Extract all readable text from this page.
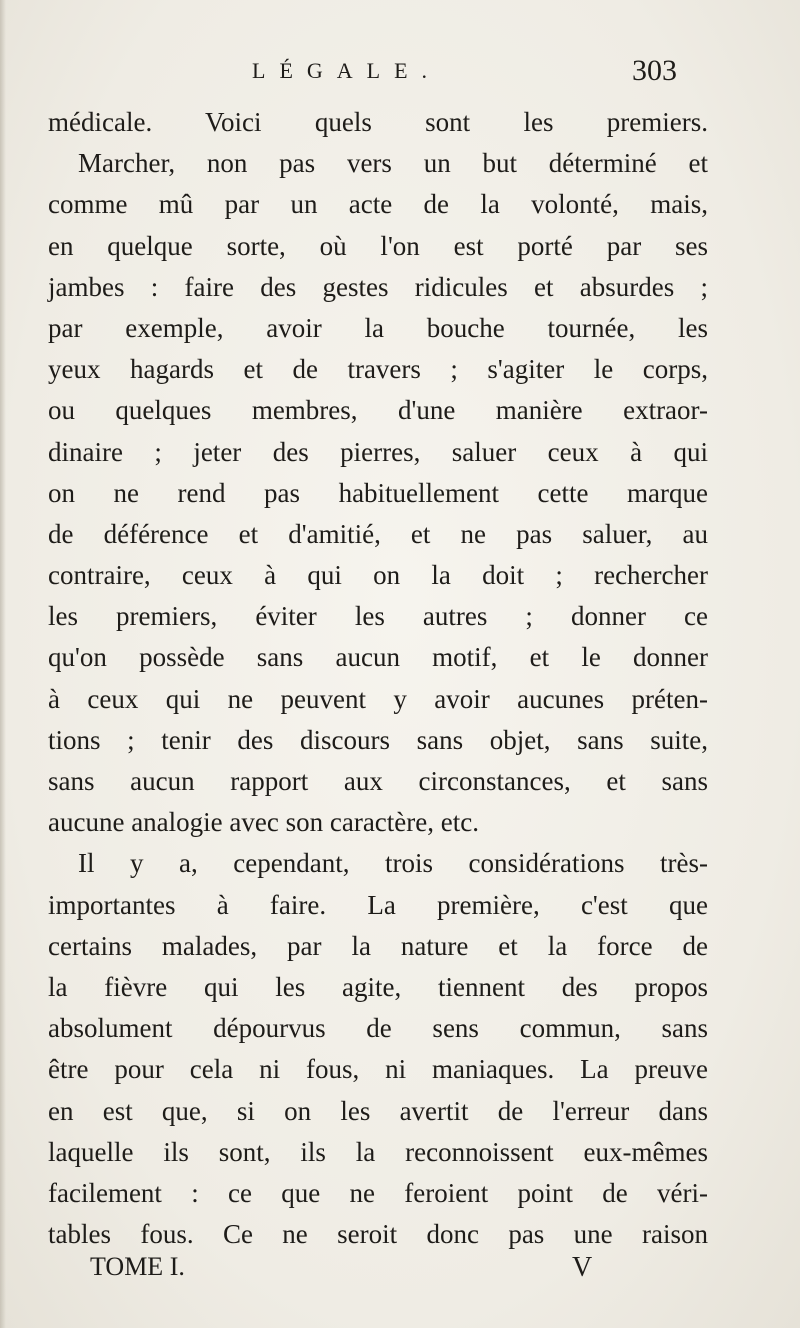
LÉGALE.	303
médicale. Voici quels sont les premiers.
Marcher, non pas vers un but déterminé et
comme mû par un acte de la volonté, mais,
en quelque sorte, où l'on est porté par ses
jambes : faire des gestes ridicules et absurdes ;
par exemple, avoir la bouche tournée, les
yeux hagards et de travers ; s'agiter le corps,
ou quelques membres, d'une manière extraor-
dinaire ; jeter des pierres, saluer ceux à qui
on ne rend pas habituellement cette marque
de déférence et d'amitié, et ne pas saluer, au
contraire, ceux à qui on la doit ; rechercher
les premiers, éviter les autres ; donner ce
qu'on possède sans aucun motif, et le donner
à ceux qui ne peuvent y avoir aucunes préten-
tions ; tenir des discours sans objet, sans suite,
sans aucun rapport aux circonstances, et sans
aucune analogie avec son caractère, etc.
Il y a, cependant, trois considérations très-
importantes à faire. La première, c'est que
certains malades, par la nature et la force de
la fièvre qui les agite, tiennent des propos
absolument dépourvus de sens commun, sans
être pour cela ni fous, ni maniaques. La preuve
en est que, si on les avertit de l'erreur dans
laquelle ils sont, ils la reconnoissent eux-mêmes
facilement : ce que ne feroient point de véri-
tables fous. Ce ne seroit donc pas une raison
TOME I.	V
